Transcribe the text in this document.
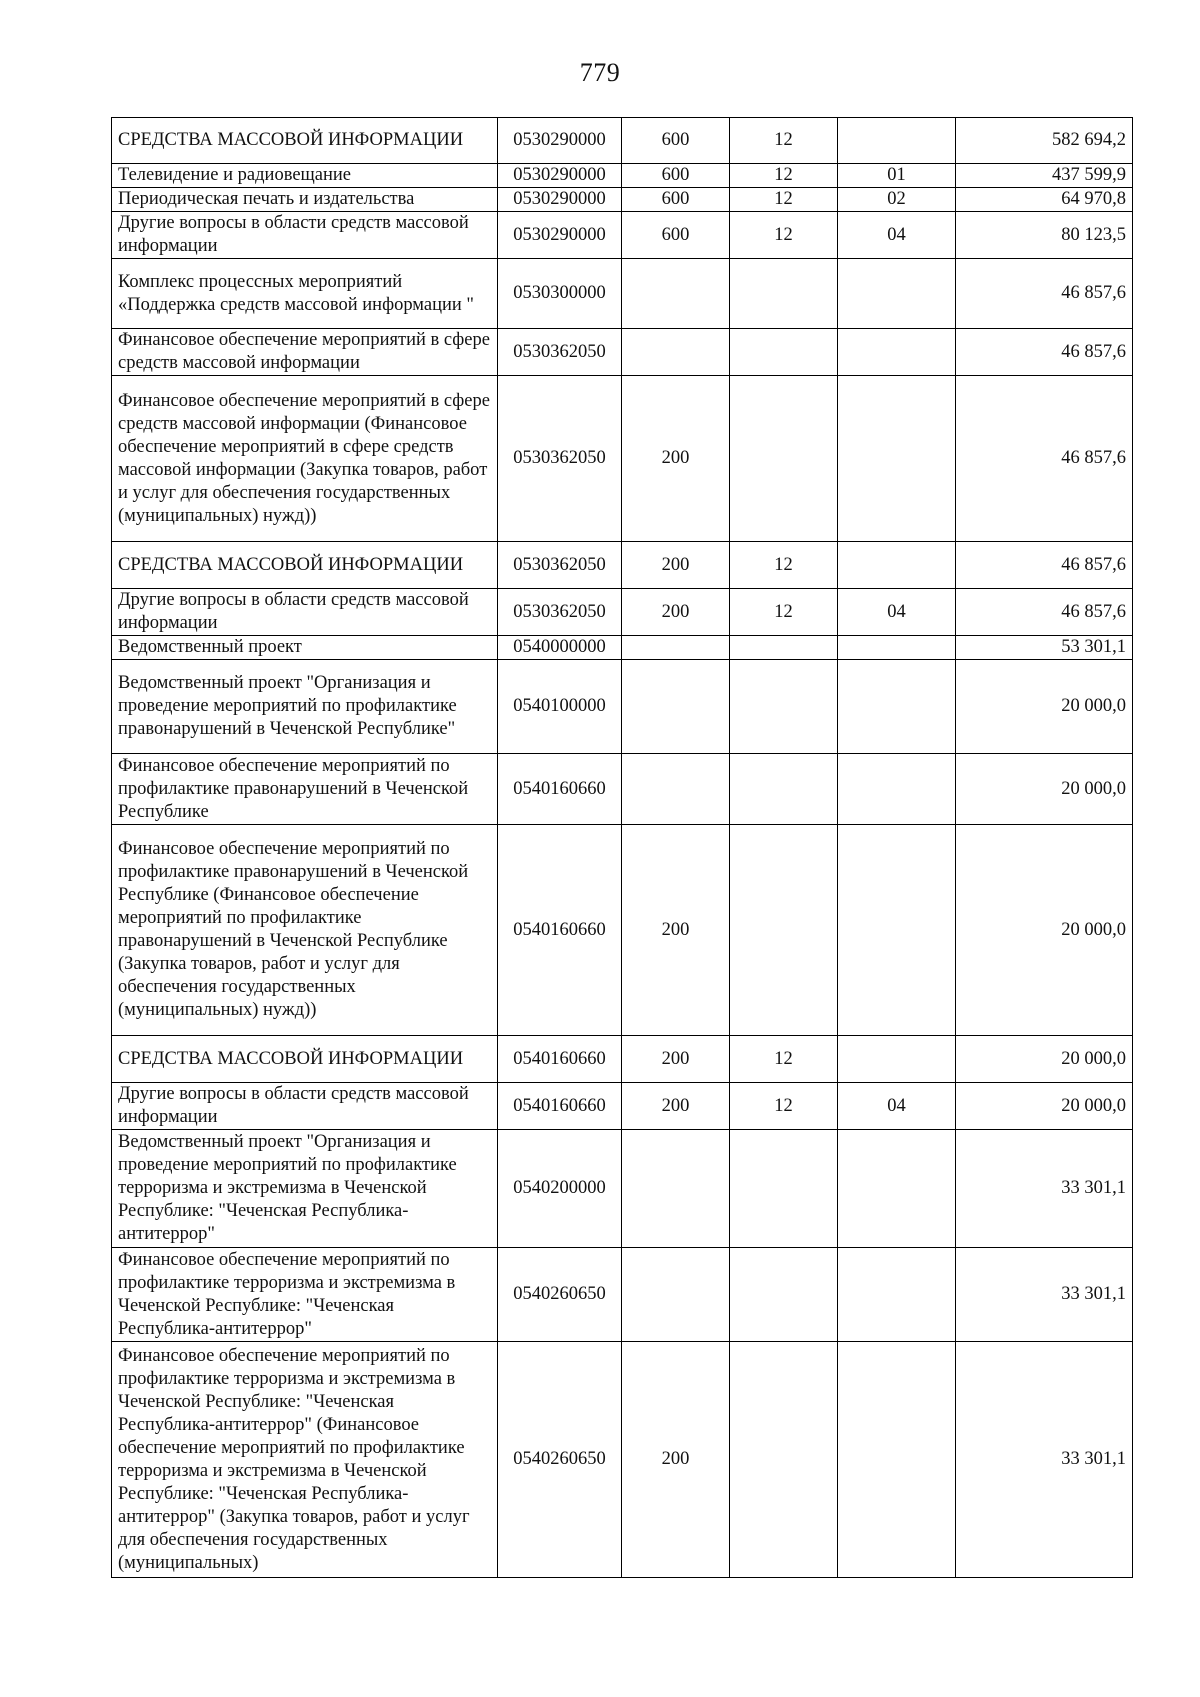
779
СРЕДСТВА МАССОВОЙ ИНФОРМАЦИИ	0530290000	600	12		582 694,2
Телевидение и радиовещание	0530290000	600	12	01	437 599,9
Периодическая печать и издательства	0530290000	600	12	02	64 970,8
Другие вопросы в области средств массовой информации	0530290000	600	12	04	80 123,5
Комплекс процессных мероприятий «Поддержка средств массовой информации "	0530300000				46 857,6
Финансовое обеспечение мероприятий в сфере средств массовой информации	0530362050				46 857,6
Финансовое обеспечение мероприятий в сфере средств массовой информации (Финансовое обеспечение мероприятий в сфере средств массовой информации (Закупка товаров, работ и услуг для обеспечения государственных (муниципальных) нужд))	0530362050	200			46 857,6
СРЕДСТВА МАССОВОЙ ИНФОРМАЦИИ	0530362050	200	12		46 857,6
Другие вопросы в области средств массовой информации	0530362050	200	12	04	46 857,6
Ведомственный проект	0540000000				53 301,1
Ведомственный проект "Организация и проведение мероприятий по профилактике правонарушений в Чеченской Республике"	0540100000				20 000,0
Финансовое обеспечение мероприятий по профилактике правонарушений в Чеченской Республике	0540160660				20 000,0
Финансовое обеспечение мероприятий по профилактике правонарушений в Чеченской Республике (Финансовое обеспечение мероприятий по профилактике правонарушений в Чеченской Республике (Закупка товаров, работ и услуг для обеспечения государственных (муниципальных) нужд))	0540160660	200			20 000,0
СРЕДСТВА МАССОВОЙ ИНФОРМАЦИИ	0540160660	200	12		20 000,0
Другие вопросы в области средств массовой информации	0540160660	200	12	04	20 000,0
Ведомственный проект "Организация и проведение мероприятий по профилактике терроризма и экстремизма в Чеченской Республике: "Чеченская Республика-антитеррор"	0540200000				33 301,1
Финансовое обеспечение мероприятий по профилактике терроризма и экстремизма в Чеченской Республике: "Чеченская Республика-антитеррор"	0540260650				33 301,1
Финансовое обеспечение мероприятий по профилактике терроризма и экстремизма в Чеченской Республике: "Чеченская Республика-антитеррор" (Финансовое обеспечение мероприятий по профилактике терроризма и экстремизма в Чеченской Республике: "Чеченская Республика-антитеррор" (Закупка товаров, работ и услуг для обеспечения государственных (муниципальных)	0540260650	200			33 301,1
